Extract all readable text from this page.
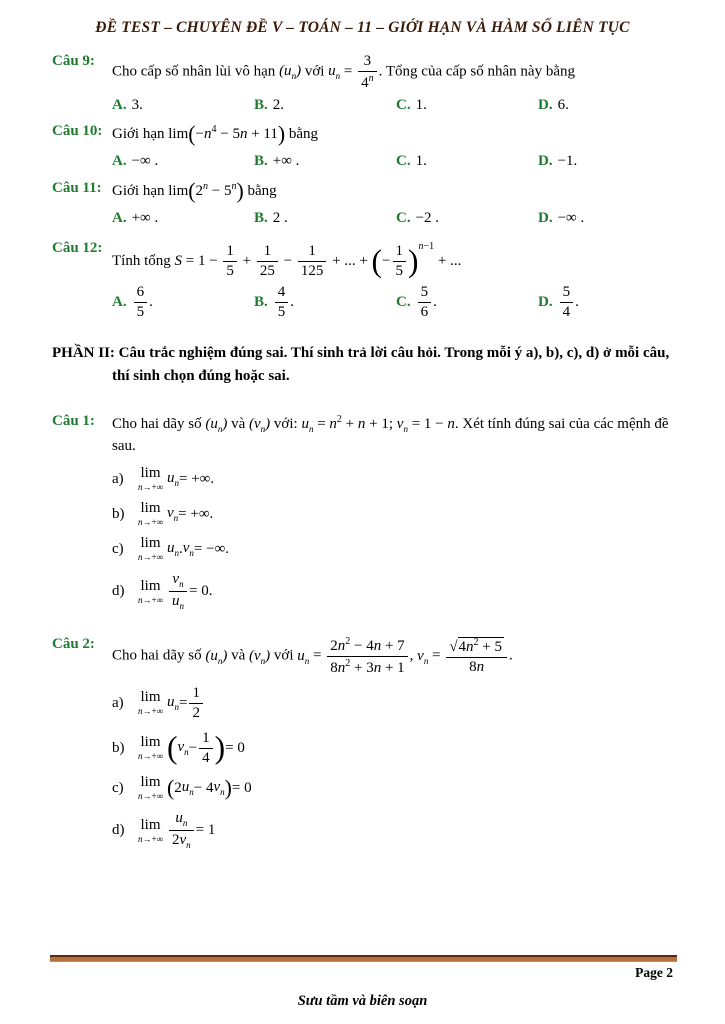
ĐỀ TEST – CHUYÊN ĐỀ V – TOÁN – 11 – GIỚI HẠN VÀ HÀM SỐ LIÊN TỤC
Câu 9:
Cho cấp số nhân lùi vô hạn $(u_n)$ với $u_n = \frac{3}{4^n}$ . Tổng của cấp số nhân này bằng
A. 3.	B. 2.	C. 1.	D. 6.
Câu 10: Giới hạn $\lim(-n^4 - 5n + 11)$ bằng
A. −∞ .	B. +∞ .	C. 1.	D. −1.
Câu 11: Giới hạn $\lim(2^n - 5^n)$ bằng
A. +∞ .	B. 2 .	C. −2 .	D. −∞ .
Câu 12:
Tính tổng $S = 1 - \frac{1}{5} + \frac{1}{25} - \frac{1}{125}$ + ... + (− $\frac{1}{5} )^{n-1}$ + ...
A.
6
5
.	B.
4
5
.	C.
5
6
.	D.
5
4
.
PHẦN II: Câu trắc nghiệm đúng sai. Thí sinh trả lời câu hỏi. Trong mỗi ý a), b), c), d) ở mỗi câu, thí sinh chọn đúng hoặc sai.
Câu 1:	Cho hai dãy số $(u_n)$ và $(v_n)$ với: $u_n = n^2 + n + 1$; $v_n = 1 - n$. Xét tính đúng sai của các mệnh đề sau.
a)	lim
n→+∞
$u_n$ = +∞.
b)	lim
n→+∞
$v_n$ = +∞.
c)	lim
n→+∞
$u_n$ . $v_n$ = −∞.
d)	lim
n→+∞
$v_n$
$u_n$
= 0.
Câu 2:
Cho hai dãy số $(u_n)$ và $(v_n)$ với $u_n = \frac{2n^2 - 4n + 7}{8n^2 + 3n + 1}$ , $v_n = \frac{√4n^2 + 5}{8n}$ .
a)	lim
n→+∞
$u_n$ =
1
2
b)	lim
n→+∞ ( $v_n$ −
1
4 ) = 0
c)	lim
n→+∞ ( 2 $u_n - 4$ $v_n$ ) = 0
d)	lim
n→+∞
$u_n$
$2v_n$
= 1
Page 2
Sưu tầm và biên soạn
